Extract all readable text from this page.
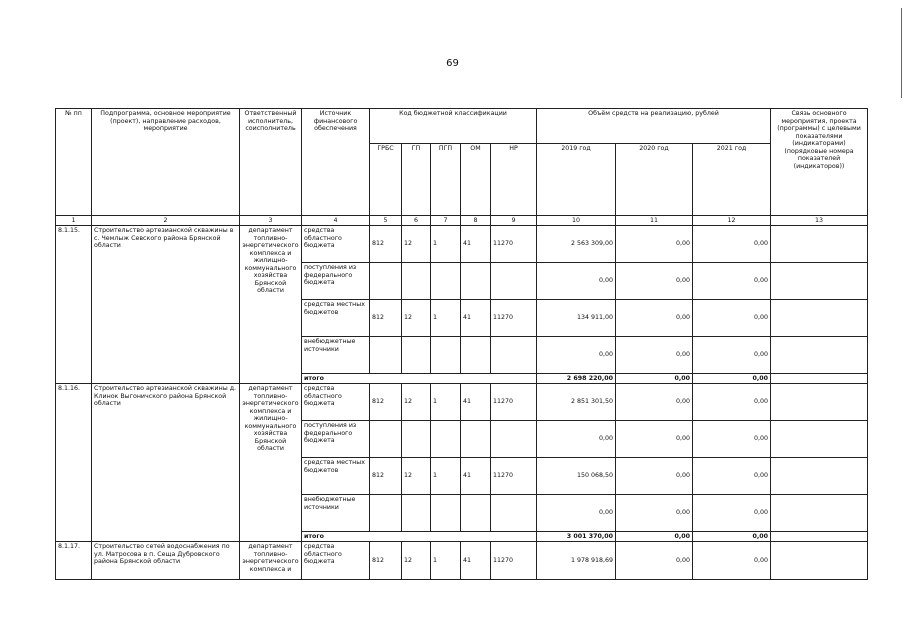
69
№ пп	Подпрограмма, основное мероприятие (проект), направление расходов, мероприятие	Ответственный исполнитель, соисполнитель	Источник финансового обеспечения	Код бюджетной классификации					Объём средств на реализацию, рублей			Связь основного мероприятия, проекта (программы) с целевыми показателями (индикаторами) (порядковые номера показателей (индикаторов))
				ГРБС	ГП	ПГП	ОМ	НР	2019 год	2020 год	2021 год	
1	2	3	4	5	6	7	8	9	10	11	12	13
8.1.15.	Строительство артезианской скважины в с. Чемлыж Севского района Брянской области	департамент топливно-энергетического комплекса и жилищно-коммунального хозяйства Брянской области	средства областного бюджета	812	12	1	41	11270	2 563 309,00	0,00	0,00	
			поступления из федерального бюджета						0,00	0,00	0,00	
			средства местных бюджетов	812	12	1	41	11270	134 911,00	0,00	0,00	
			внебюджетные источники						0,00	0,00	0,00	
			итого						2 698 220,00	0,00	0,00	
8.1.16.	Строительство артезианской скважины д. Клинок Выгоничского района Брянской области	департамент топливно-энергетического комплекса и жилищно-коммунального хозяйства Брянской области	средства областного бюджета	812	12	1	41	11270	2 851 301,50	0,00	0,00	
			поступления из федерального бюджета						0,00	0,00	0,00	
			средства местных бюджетов	812	12	1	41	11270	150 068,50	0,00	0,00	
			внебюджетные источники						0,00	0,00	0,00	
			итого						3 001 370,00	0,00	0,00	
8.1.17.	Строительство сетей водоснабжения по ул. Матросова в п. Сеща Дубровского района Брянской области	департамент топливно-энергетического комплекса и	средства областного бюджета	812	12	1	41	11270	1 978 918,69	0,00	0,00	
